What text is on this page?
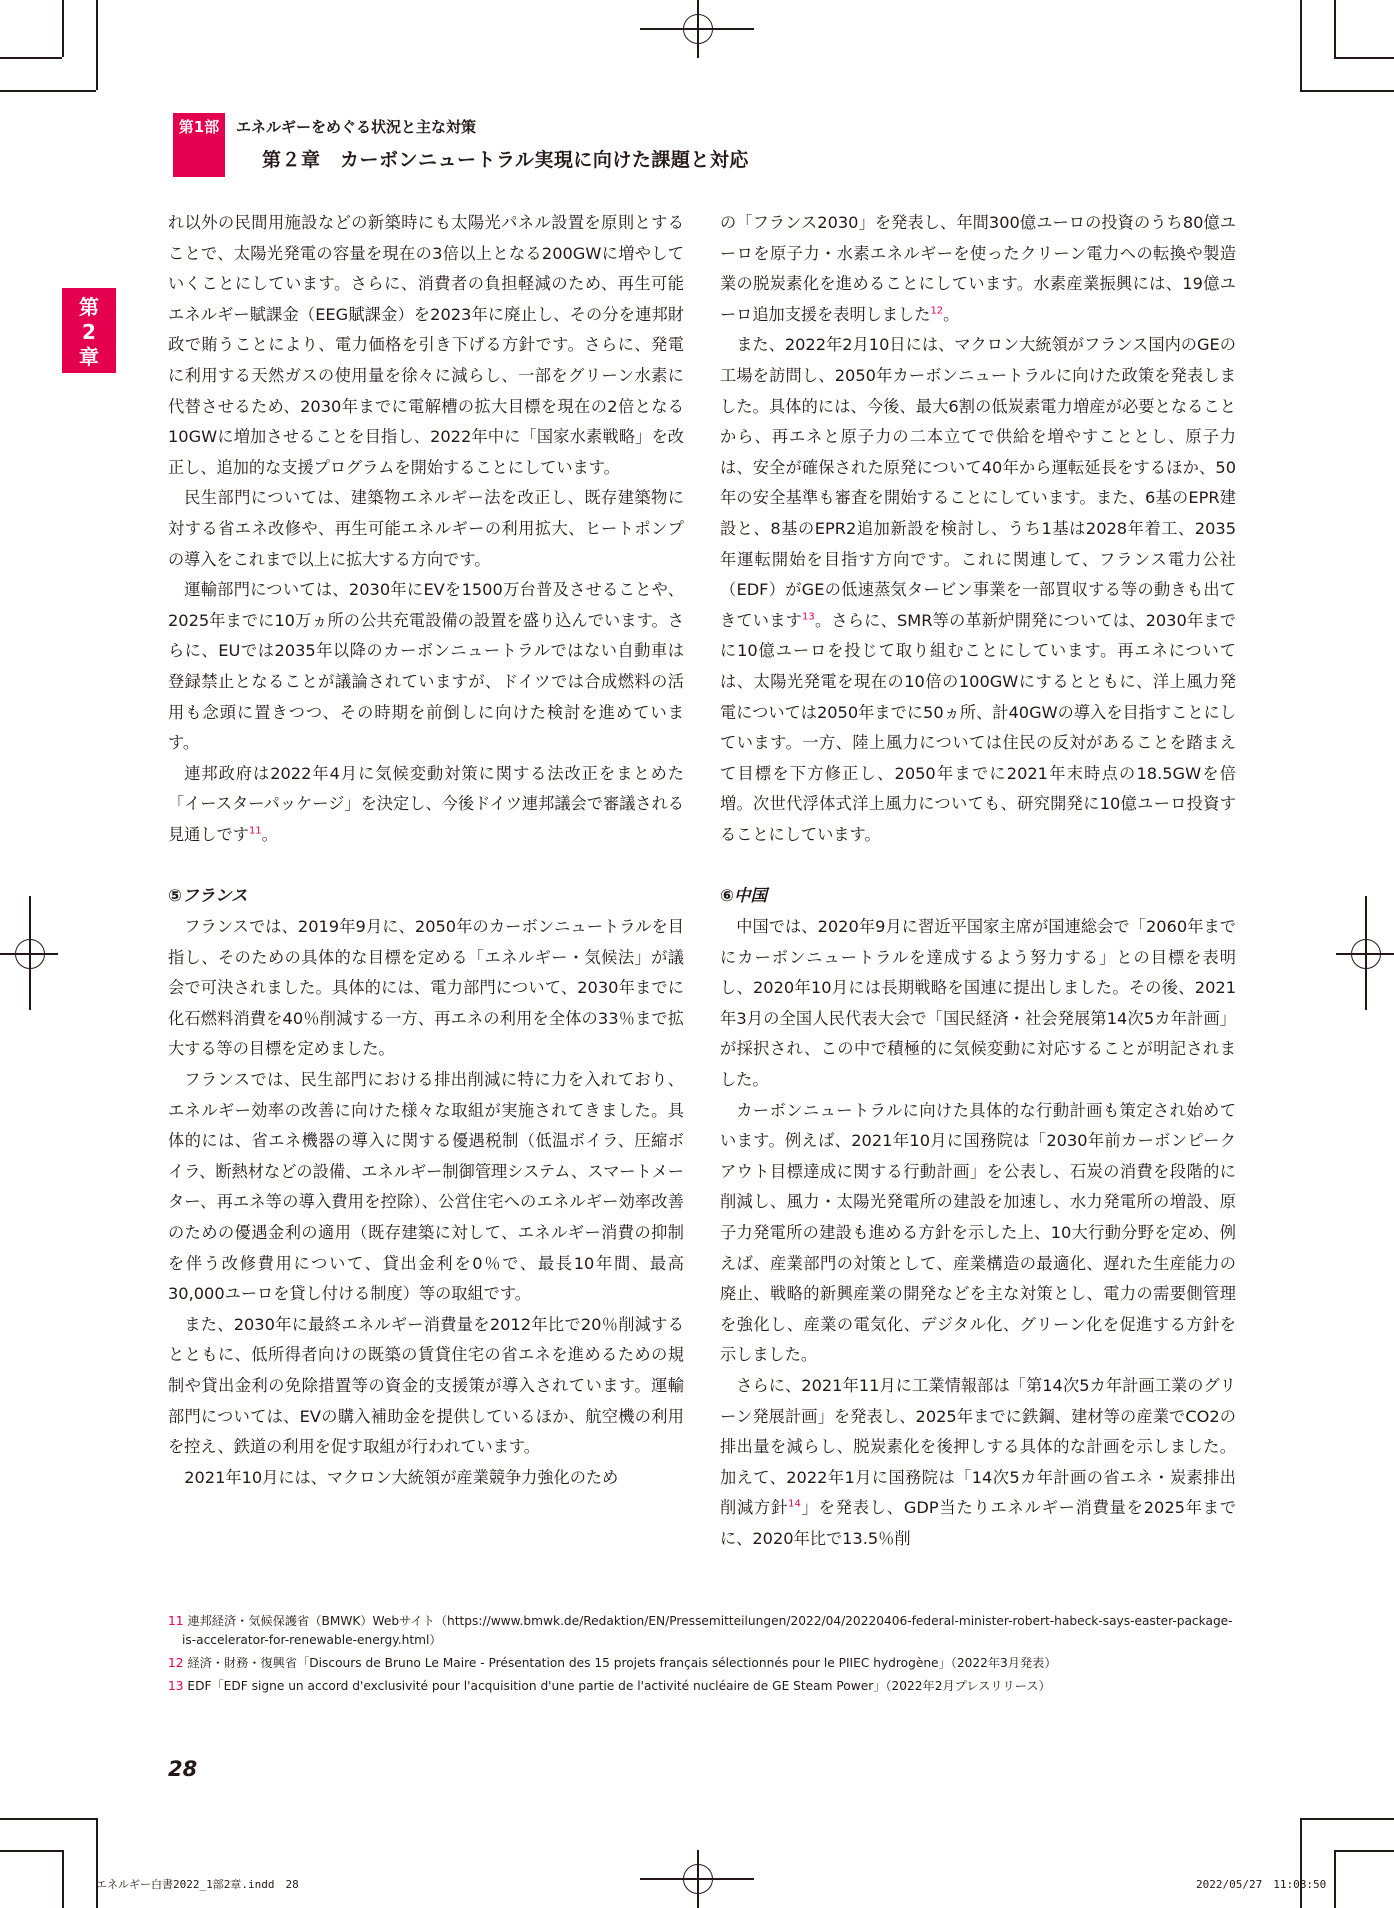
第1部	エネルギーをめぐる状況と主な対策
第２章　カーボンニュートラル実現に向けた課題と対応
第
2
章

れ以外の民間用施設などの新築時にも太陽光パネル設置を原則とすることで、太陽光発電の容量を現在の3倍以上となる200GWに増やしていくことにしています。さらに、消費者の負担軽減のため、再生可能エネルギー賦課金（EEG賦課金）を2023年に廃止し、その分を連邦財政で賄うことにより、電力価格を引き下げる方針です。さらに、発電に利用する天然ガスの使用量を徐々に減らし、一部をグリーン水素に代替させるため、2030年までに電解槽の拡大目標を現在の2倍となる10GWに増加させることを目指し、2022年中に「国家水素戦略」を改正し、追加的な支援プログラムを開始することにしています。

民生部門については、建築物エネルギー法を改正し、既存建築物に対する省エネ改修や、再生可能エネルギーの利用拡大、ヒートポンプの導入をこれまで以上に拡大する方向です。

運輸部門については、2030年にEVを1500万台普及させることや、2025年までに10万ヵ所の公共充電設備の設置を盛り込んでいます。さらに、EUでは2035年以降のカーボンニュートラルではない自動車は登録禁止となることが議論されていますが、ドイツでは合成燃料の活用も念頭に置きつつ、その時期を前倒しに向けた検討を進めています。

連邦政府は2022年4月に気候変動対策に関する法改正をまとめた「イースターパッケージ」を決定し、今後ドイツ連邦議会で審議される見通しです$^{11}$。

⑤フランス

フランスでは、2019年9月に、2050年のカーボンニュートラルを目指し、そのための具体的な目標を定める「エネルギー・気候法」が議会で可決されました。具体的には、電力部門について、2030年までに化石燃料消費を40％削減する一方、再エネの利用を全体の33％まで拡大する等の目標を定めました。

フランスでは、民生部門における排出削減に特に力を入れており、エネルギー効率の改善に向けた様々な取組が実施されてきました。具体的には、省エネ機器の導入に関する優遇税制（低温ボイラ、圧縮ボイラ、断熱材などの設備、エネルギー制御管理システム、スマートメーター、再エネ等の導入費用を控除）、公営住宅へのエネルギー効率改善のための優遇金利の適用（既存建築に対して、エネルギー消費の抑制を伴う改修費用について、貸出金利を0％で、最長10年間、最高30,000ユーロを貸し付ける制度）等の取組です。

また、2030年に最終エネルギー消費量を2012年比で20％削減するとともに、低所得者向けの既築の賃貸住宅の省エネを進めるための規制や貸出金利の免除措置等の資金的支援策が導入されています。運輸部門については、EVの購入補助金を提供しているほか、航空機の利用を控え、鉄道の利用を促す取組が行われています。

2021年10月には、マクロン大統領が産業競争力強化のため

の「フランス2030」を発表し、年間300億ユーロの投資のうち80億ユーロを原子力・水素エネルギーを使ったクリーン電力への転換や製造業の脱炭素化を進めることにしています。水素産業振興には、19億ユーロ追加支援を表明しました$^{12}$。

また、2022年2月10日には、マクロン大統領がフランス国内のGEの工場を訪問し、2050年カーボンニュートラルに向けた政策を発表しました。具体的には、今後、最大6割の低炭素電力増産が必要となることから、再エネと原子力の二本立てで供給を増やすこととし、原子力は、安全が確保された原発について40年から運転延長をするほか、50年の安全基準も審査を開始することにしています。また、6基のEPR建設と、8基のEPR2追加新設を検討し、うち1基は2028年着工、2035年運転開始を目指す方向です。これに関連して、フランス電力公社（EDF）がGEの低速蒸気タービン事業を一部買収する等の動きも出てきています$^{13}$。さらに、SMR等の革新炉開発については、2030年までに10億ユーロを投じて取り組むことにしています。再エネについては、太陽光発電を現在の10倍の100GWにするとともに、洋上風力発電については2050年までに50ヵ所、計40GWの導入を目指すことにしています。一方、陸上風力については住民の反対があることを踏まえて目標を下方修正し、2050年までに2021年末時点の18.5GWを倍増。次世代浮体式洋上風力についても、研究開発に10億ユーロ投資することにしています。

⑥中国

中国では、2020年9月に習近平国家主席が国連総会で「2060年までにカーボンニュートラルを達成するよう努力する」との目標を表明し、2020年10月には長期戦略を国連に提出しました。その後、2021年3月の全国人民代表大会で「国民経済・社会発展第14次5カ年計画」が採択され、この中で積極的に気候変動に対応することが明記されました。

カーボンニュートラルに向けた具体的な行動計画も策定され始めています。例えば、2021年10月に国務院は「2030年前カーボンピークアウト目標達成に関する行動計画」を公表し、石炭の消費を段階的に削減し、風力・太陽光発電所の建設を加速し、水力発電所の増設、原子力発電所の建設も進める方針を示した上、10大行動分野を定め、例えば、産業部門の対策として、産業構造の最適化、遅れた生産能力の廃止、戦略的新興産業の開発などを主な対策とし、電力の需要側管理を強化し、産業の電気化、デジタル化、グリーン化を促進する方針を示しました。

さらに、2021年11月に工業情報部は「第14次5カ年計画工業のグリーン発展計画」を発表し、2025年までに鉄鋼、建材等の産業でCO2の排出量を減らし、脱炭素化を後押しする具体的な計画を示しました。加えて、2022年1月に国務院は「14次5カ年計画の省エネ・炭素排出削減方針$^{14}$」を発表し、GDP当たりエネルギー消費量を2025年までに、2020年比で13.5％削

11 連邦経済・気候保護省（BMWK）Webサイト（https://www.bmwk.de/Redaktion/EN/Pressemitteilungen/2022/04/20220406-federal-minister-robert-habeck-says-easter-package-is-accelerator-for-renewable-energy.html）

12 経済・財務・復興省「Discours de Bruno Le Maire - Présentation des 15 projets français sélectionnés pour le PIIEC hydrogène」（2022年3月発表）

13 EDF「EDF signe un accord d'exclusivité pour l'acquisition d'une partie de l'activité nucléaire de GE Steam Power」（2022年2月プレスリリース）

28
エネルギー白書2022_1部2章.indd　28	2022/05/27　11:08:50
